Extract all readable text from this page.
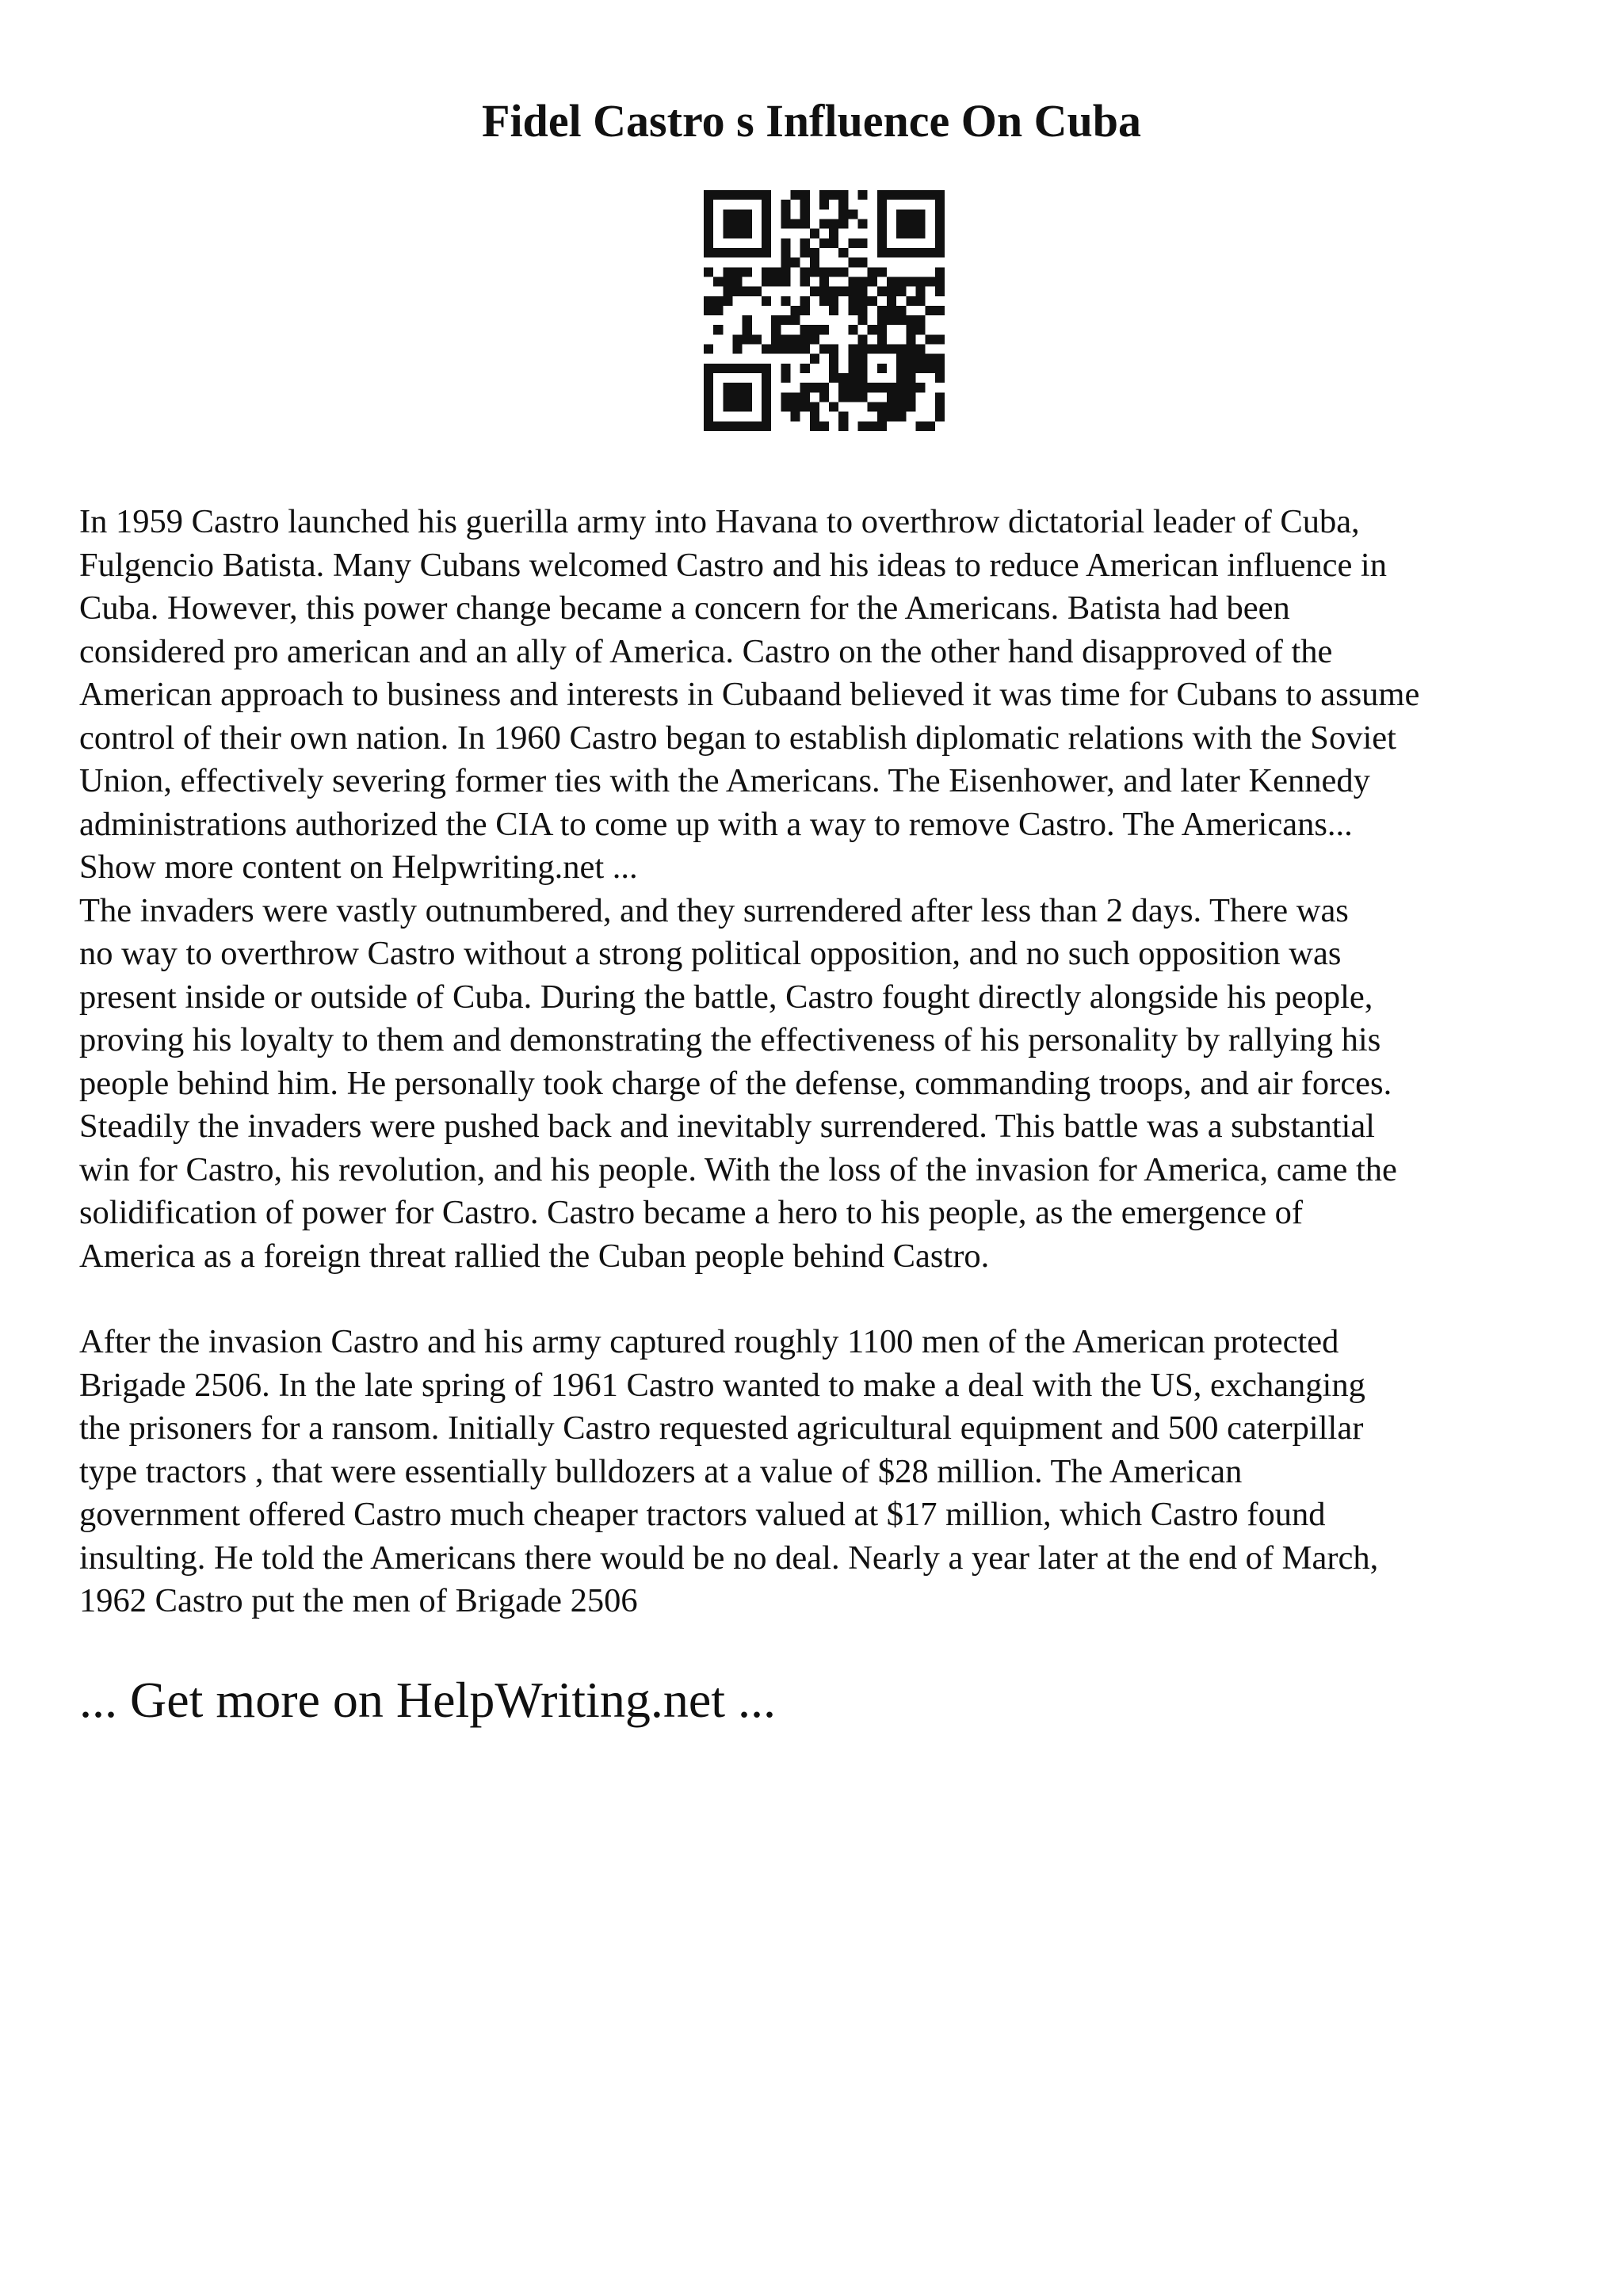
Fidel Castro s Influence On Cuba

In 1959 Castro launched his guerilla army into Havana to overthrow dictatorial leader of Cuba,
Fulgencio Batista. Many Cubans welcomed Castro and his ideas to reduce American influence in
Cuba. However, this power change became a concern for the Americans. Batista had been
considered pro american and an ally of America. Castro on the other hand disapproved of the
American approach to business and interests in Cubaand believed it was time for Cubans to assume
control of their own nation. In 1960 Castro began to establish diplomatic relations with the Soviet
Union, effectively severing former ties with the Americans. The Eisenhower, and later Kennedy
administrations authorized the CIA to come up with a way to remove Castro. The Americans...
Show more content on Helpwriting.net ...

The invaders were vastly outnumbered, and they surrendered after less than 2 days. There was
no way to overthrow Castro without a strong political opposition, and no such opposition was
present inside or outside of Cuba. During the battle, Castro fought directly alongside his people,
proving his loyalty to them and demonstrating the effectiveness of his personality by rallying his
people behind him. He personally took charge of the defense, commanding troops, and air forces.
Steadily the invaders were pushed back and inevitably surrendered. This battle was a substantial
win for Castro, his revolution, and his people. With the loss of the invasion for America, came the
solidification of power for Castro. Castro became a hero to his people, as the emergence of
America as a foreign threat rallied the Cuban people behind Castro.

After the invasion Castro and his army captured roughly 1100 men of the American protected
Brigade 2506. In the late spring of 1961 Castro wanted to make a deal with the US, exchanging
the prisoners for a ransom. Initially Castro requested agricultural equipment and 500 caterpillar
type tractors , that were essentially bulldozers at a value of $28 million. The American
government offered Castro much cheaper tractors valued at $17 million, which Castro found
insulting. He told the Americans there would be no deal. Nearly a year later at the end of March,
1962 Castro put the men of Brigade 2506

... Get more on HelpWriting.net ...
